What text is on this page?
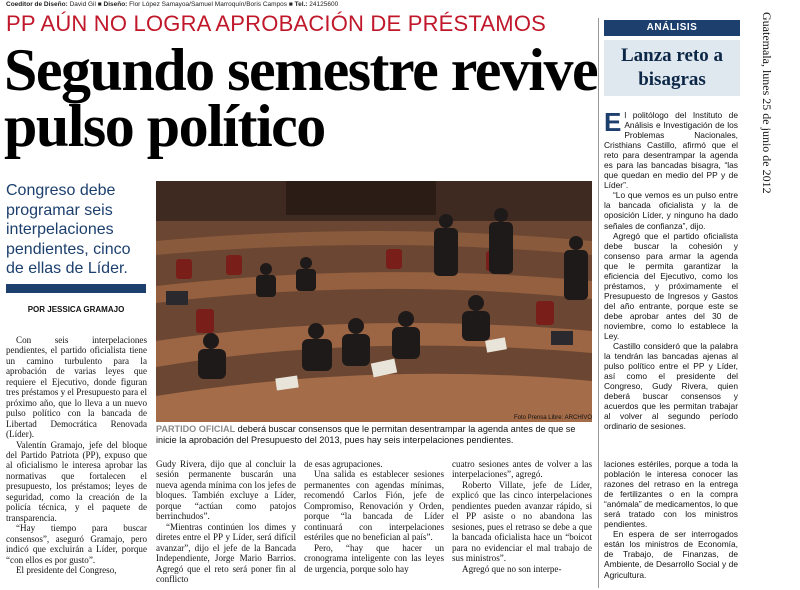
Coeditor de Diseño: David Gil ■ Diseño: Flor López Samayoa/Samuel Marroquín/Boris Campos ■ Tel.: 24125600
PP AÚN NO LOGRA APROBACIÓN DE PRÉSTAMOS
Segundo semestre revive pulso político
Congreso debe programar seis interpelaciones pendientes, cinco de ellas de Líder.
POR JESSICA GRAMAJO

Con seis interpelaciones pendientes, el partido oficialista tiene un camino turbulento para la aprobación de varias leyes que requiere el Ejecutivo, donde figuran tres préstamos y el Presupuesto para el próximo año, que lo lleva a un nuevo pulso político con la bancada de Libertad Democrática Renovada (Líder).

Valentín Gramajo, jefe del bloque del Partido Patriota (PP), expuso que al oficialismo le interesa aprobar las normativas que fortalecen el presupuesto, los préstamos; leyes de seguridad, como la creación de la policía técnica, y el paquete de transparencia.

“Hay tiempo para buscar consensos”, aseguró Gramajo, pero indicó que excluirán a Líder, porque “con ellos es por gusto”.

El presidente del Congreso,

Foto Prensa Libre: ARCHIVO
PARTIDO OFICIAL deberá buscar consensos que le permitan desentrampar la agenda antes de que se inicie la aprobación del Presupuesto del 2013, pues hay seis interpelaciones pendientes.

Gudy Rivera, dijo que al concluir la sesión permanente buscarán una nueva agenda mínima con los jefes de bloques. También excluye a Líder, porque “actúan como patojos berrinchudos”.

“Mientras continúen los dimes y diretes entre el PP y Líder, será difícil avanzar”, dijo el jefe de la Bancada Independiente, Jorge Mario Barrios. Agregó que el reto será poner fin al conflicto

de esas agrupaciones.

Una salida es establecer sesiones permanentes con agendas mínimas, recomendó Carlos Fión, jefe de Compromiso, Renovación y Orden, porque “la bancada de Líder continuará con interpelaciones estériles que no benefician al país”.

Pero, “hay que hacer un cronograma inteligente con las leyes de urgencia, porque solo hay

cuatro sesiones antes de volver a las interpelaciones”, agregó.

Roberto Villate, jefe de Líder, explicó que las cinco interpelaciones pendientes pueden avanzar rápido, si el PP asiste o no abandona las sesiones, pues el retraso se debe a que la bancada oficialista hace un “boicot para no evidenciar el mal trabajo de sus ministros”.

Agregó que no son interpe-

ANÁLISIS
Lanza reto a bisagras

El politólogo del Instituto de Análisis e Investigación de los Problemas Nacionales, Cristhians Castillo, afirmó que el reto para desentrampar la agenda es para las bancadas bisagra, “las que quedan en medio del PP y de Líder”.

“Lo que vemos es un pulso entre la bancada oficialista y la de oposición Líder, y ninguno ha dado señales de confianza”, dijo.

Agregó que el partido oficialista debe buscar la cohesión y consenso para armar la agenda que le permita garantizar la eficiencia del Ejecutivo, como los préstamos, y próximamente el Presupuesto de Ingresos y Gastos del año entrante, porque este se debe aprobar antes del 30 de noviembre, como lo establece la Ley.

Castillo consideró que la palabra la tendrán las bancadas ajenas al pulso político entre el PP y Líder, así como el presidente del Congreso, Gudy Rivera, quien deberá buscar consensos y acuerdos que les permitan trabajar al volver al segundo período ordinario de sesiones.

laciones estériles, porque a toda la población le interesa conocer las razones del retraso en la entrega de fertilizantes o en la compra “anómala” de medicamentos, lo que será tratado con los ministros pendientes.

En espera de ser interrogados están los ministros de Economía, de Trabajo, de Finanzas, de Ambiente, de Desarrollo Social y de Agricultura.

Guatemala, lunes 25 de junio de 2012
